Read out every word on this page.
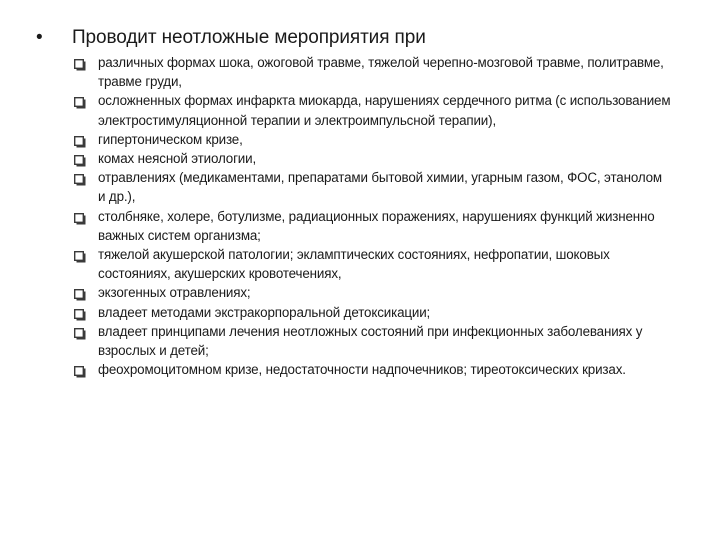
• Проводит неотложные мероприятия при
различных формах шока, ожоговой травме, тяжелой черепно-мозговой травме, политравме, травме груди,
осложненных формах инфаркта миокарда, нарушениях сердечного ритма (с использованием электростимуляционной терапии и электроимпульсной терапии),
гипертоническом кризе,
комах неясной этиологии,
отравлениях (медикаментами, препаратами бытовой химии, угарным газом, ФОС, этанолом и др.),
столбняке, холере, ботулизме, радиационных поражениях, нарушениях функций жизненно важных систем организма;
тяжелой акушерской патологии; экламптических состояниях, нефропатии, шоковых состояниях, акушерских кровотечениях,
экзогенных отравлениях;
владеет методами экстракорпоральной детоксикации;
владеет принципами лечения неотложных состояний при инфекционных заболеваниях у взрослых и детей;
феохромоцитомном кризе, недостаточности надпочечников; тиреотоксических кризах.
